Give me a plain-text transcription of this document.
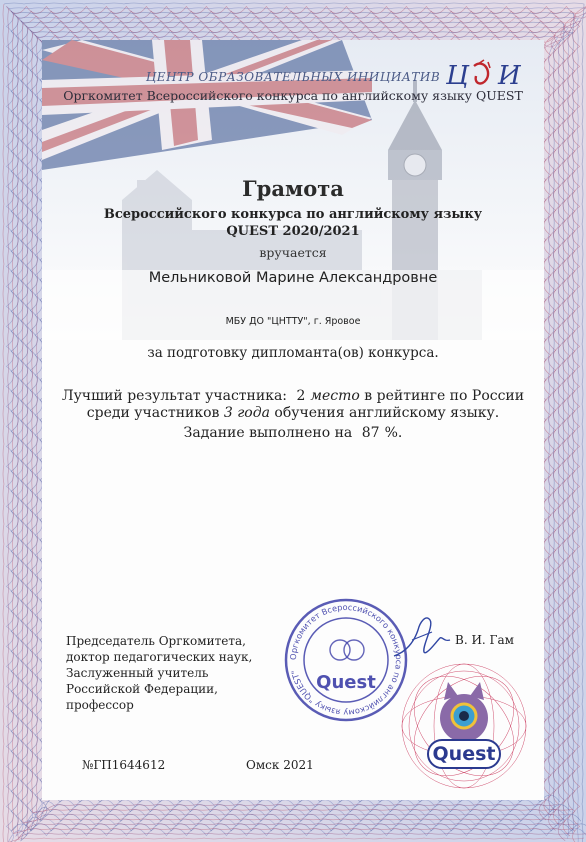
Ц И
ЦЕНТР ОБРАЗОВАТЕЛЬНЫХ ИНИЦИАТИВ
Оргкомитет Всероссийского конкурса по английскому языку QUEST
Грамота
Всероссийского конкурса по английскому языку
QUEST 2020/2021
вручается
Мельниковой Марине Александровне
МБУ ДО "ЦНТТУ", г. Яровое
за подготовку дипломанта(ов) конкурса.
Лучший результат участника: 2 место в рейтинге по России
среди участников 3 года обучения английскому языку.
Задание выполнено на 87 %.
Председатель Оргкомитета,
доктор педагогических наук,
Заслуженный учитель
Российской Федерации,
профессор
Оргкомитет Всероссийского конкурса по английскому языку "QUEST" Quest
В. И. Гам
Quest
№ГП1644612	Омск 2021
